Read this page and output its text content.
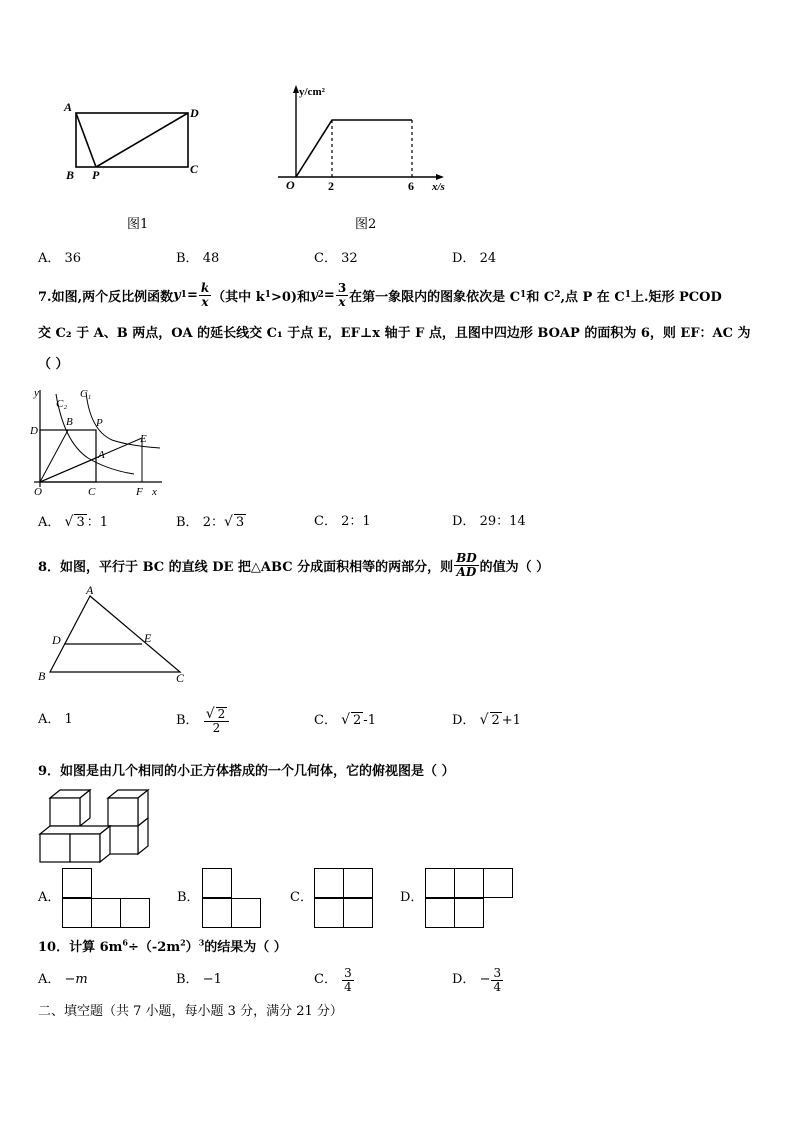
A	D
B P	C
y/cm²
x/s
O	2	6
图1	图2
A． 36	B． 48	C． 32	D． 24
7.如图,两个反比例函数 y $1 = \frac{k}{x}$ （其中 k 1 >0)和 y $2 = \frac{3}{x}$ 在第一象限内的图象依次是 C 1 和 C 2 ,点 P 在 C 1 上.矩形 PCOD
交 C₂ 于 A、B 两点，OA 的延长线交 C₁ 于点 E，EF⊥x 轴于 F 点，且图中四边形 BOAP 的面积为 6，则 EF：AC 为
（ ）
y
C₂
C₁
B P
D
E
A
O	C	F x
A． √ 3 ：1	B． 2：√ 3	C． 2：1	D． 29：14
8．如图，平行于 BC 的直线 DE 把△ABC 分成面积相等的两部分，则 $\frac{BD}{AD}$ 的值为（ ）
A
D	E
B	C
A． 1	B．
$\frac{√ 2}{2}$	C． √ 2 -1	D． √ 2 +1
9．如图是由几个相同的小正方体搭成的一个几何体，它的俯视图是（ ）
A．	B．	C．	D．
10．计算 $6m^6\div(-2m^2)^3$的结果为（ ）
A． −m	B． −1	C．
$\frac{3}{4}$	D．
− $\frac{3}{4}$
二、填空题（共 7 小题，每小题 3 分，满分 21 分）
